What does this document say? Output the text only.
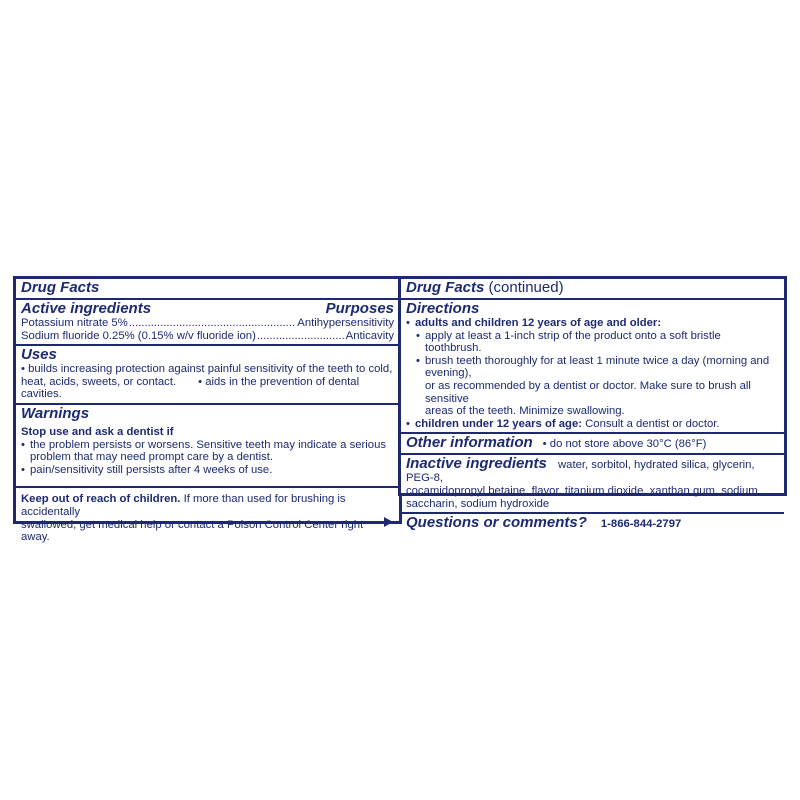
Drug Facts
Active ingredients	Purposes
Potassium nitrate 5% .....	Antihypersensitivity
Sodium fluoride 0.25% (0.15% w/v fluoride ion) .....	Anticavity
Uses
• builds increasing protection against painful sensitivity of the teeth to cold,
heat, acids, sweets, or contact. • aids in the prevention of dental cavities.
Warnings
Stop use and ask a dentist if
• the problem persists or worsens. Sensitive teeth may indicate a serious
problem that may need prompt care by a dentist.
• pain/sensitivity still persists after 4 weeks of use.
Keep out of reach of children. If more than used for brushing is accidentally
swallowed, get medical help or contact a Poison Control Center right away.
Drug Facts (continued)
Directions
• adults and children 12 years of age and older:
• apply at least a 1-inch strip of the product onto a soft bristle toothbrush.
• brush teeth thoroughly for at least 1 minute twice a day (morning and evening),
or as recommended by a dentist or doctor. Make sure to brush all sensitive
areas of the teeth. Minimize swallowing.
• children under 12 years of age: Consult a dentist or doctor.
Other information • do not store above 30°C (86°F)
Inactive ingredients water, sorbitol, hydrated silica, glycerin, PEG-8,
cocamidopropyl betaine, flavor, titanium dioxide, xanthan gum, sodium
saccharin, sodium hydroxide
Questions or comments? 1-866-844-2797
